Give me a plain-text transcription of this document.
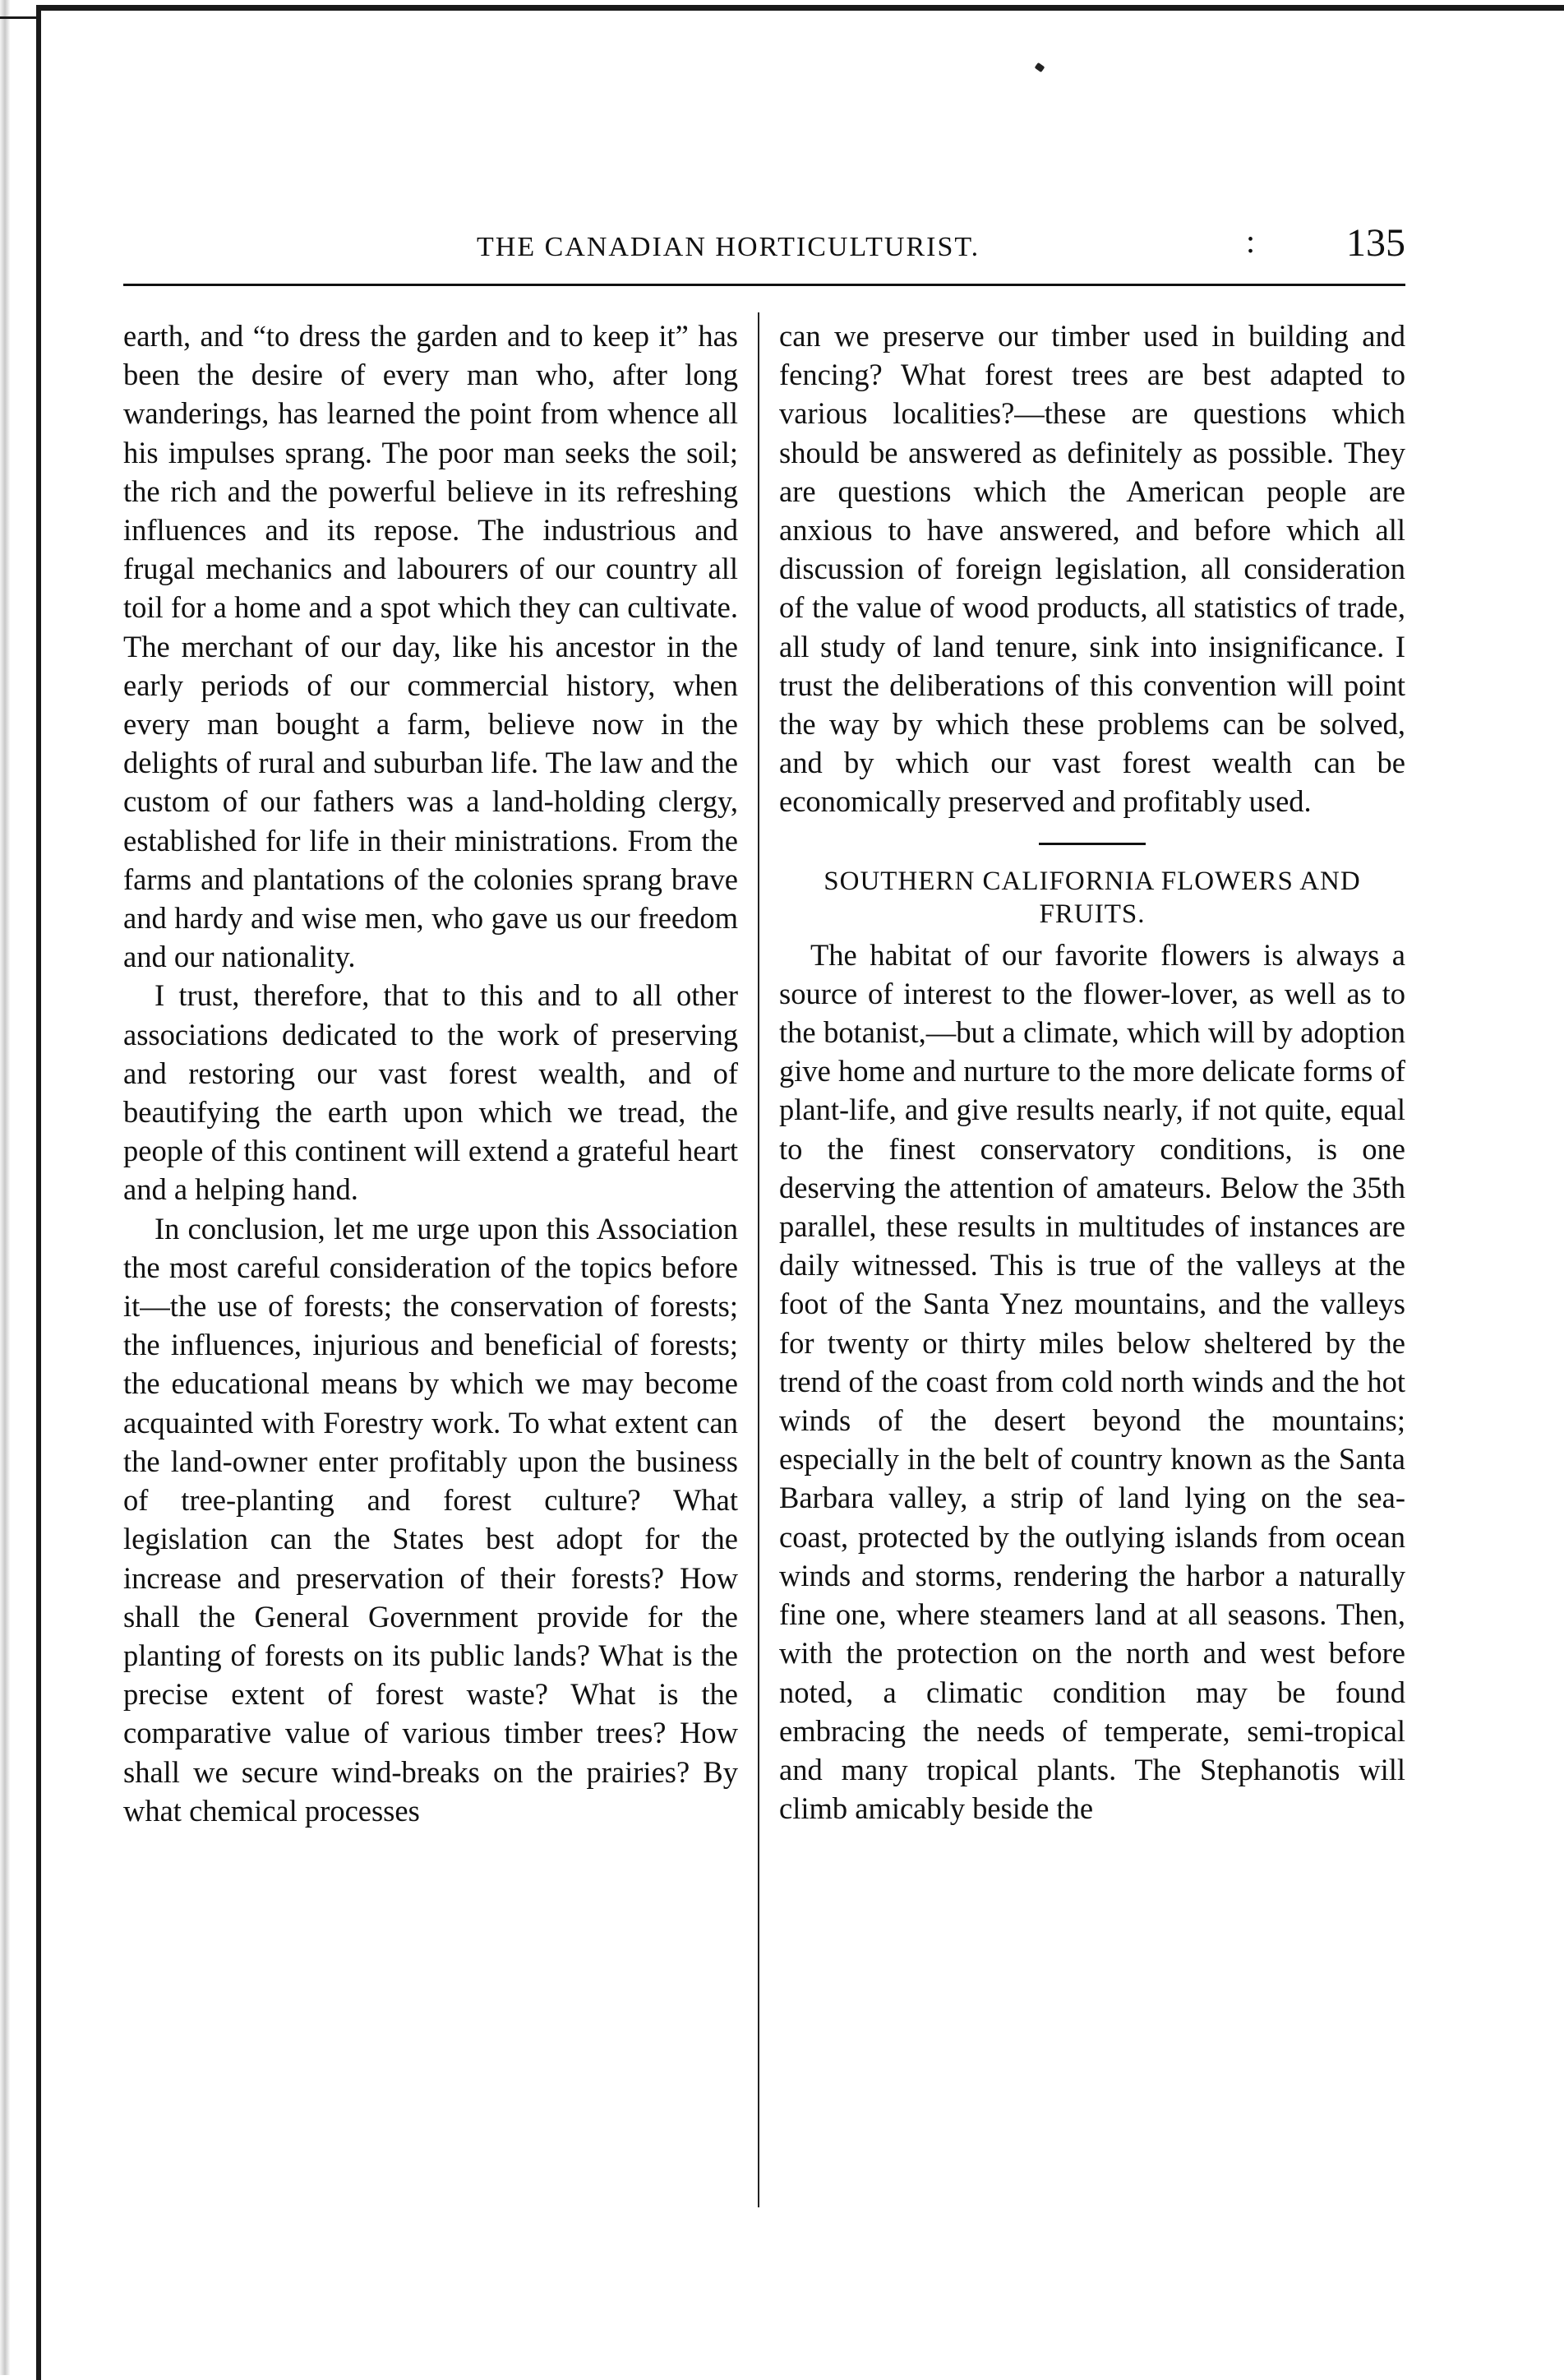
THE CANADIAN HORTICULTURIST.	: 135

earth, and “to dress the garden and to keep it” has been the desire of every man who, after long wanderings, has learned the point from whence all his impulses sprang. The poor man seeks the soil; the rich and the powerful believe in its refreshing influences and its repose. The industrious and frugal mechanics and labourers of our country all toil for a home and a spot which they can cultivate. The merchant of our day, like his ancestor in the early periods of our commercial history, when every man bought a farm, believe now in the delights of rural and suburban life. The law and the custom of our fathers was a land-holding clergy, established for life in their ministrations. From the farms and plantations of the colonies sprang brave and hardy and wise men, who gave us our freedom and our nationality.

I trust, therefore, that to this and to all other associations dedicated to the work of preserving and restoring our vast forest wealth, and of beautifying the earth upon which we tread, the people of this continent will extend a grateful heart and a helping hand.

In conclusion, let me urge upon this Association the most careful consideration of the topics before it—the use of forests; the conservation of forests; the influences, injurious and beneficial of forests; the educational means by which we may become acquainted with Forestry work. To what extent can the land-owner enter profitably upon the business of tree-planting and forest culture? What legislation can the States best adopt for the increase and preservation of their forests? How shall the General Government provide for the planting of forests on its public lands? What is the precise extent of forest waste? What is the comparative value of various timber trees? How shall we secure wind-breaks on the prairies? By what chemical processes

can we preserve our timber used in building and fencing? What forest trees are best adapted to various localities?—these are questions which should be answered as definitely as possible. They are questions which the American people are anxious to have answered, and before which all discussion of foreign legislation, all consideration of the value of wood products, all statistics of trade, all study of land tenure, sink into insignificance. I trust the deliberations of this convention will point the way by which these problems can be solved, and by which our vast forest wealth can be economically preserved and profitably used.

SOUTHERN CALIFORNIA FLOWERS AND FRUITS.

The habitat of our favorite flowers is always a source of interest to the flower-lover, as well as to the botanist,—but a climate, which will by adoption give home and nurture to the more delicate forms of plant-life, and give results nearly, if not quite, equal to the finest conservatory conditions, is one deserving the attention of amateurs. Below the 35th parallel, these results in multitudes of instances are daily witnessed. This is true of the valleys at the foot of the Santa Ynez mountains, and the valleys for twenty or thirty miles below sheltered by the trend of the coast from cold north winds and the hot winds of the desert beyond the mountains; especially in the belt of country known as the Santa Barbara valley, a strip of land lying on the sea-coast, protected by the outlying islands from ocean winds and storms, rendering the harbor a naturally fine one, where steamers land at all seasons. Then, with the protection on the north and west before noted, a climatic condition may be found embracing the needs of temperate, semi-tropical and many tropical plants. The Stephanotis will climb amicably beside the
